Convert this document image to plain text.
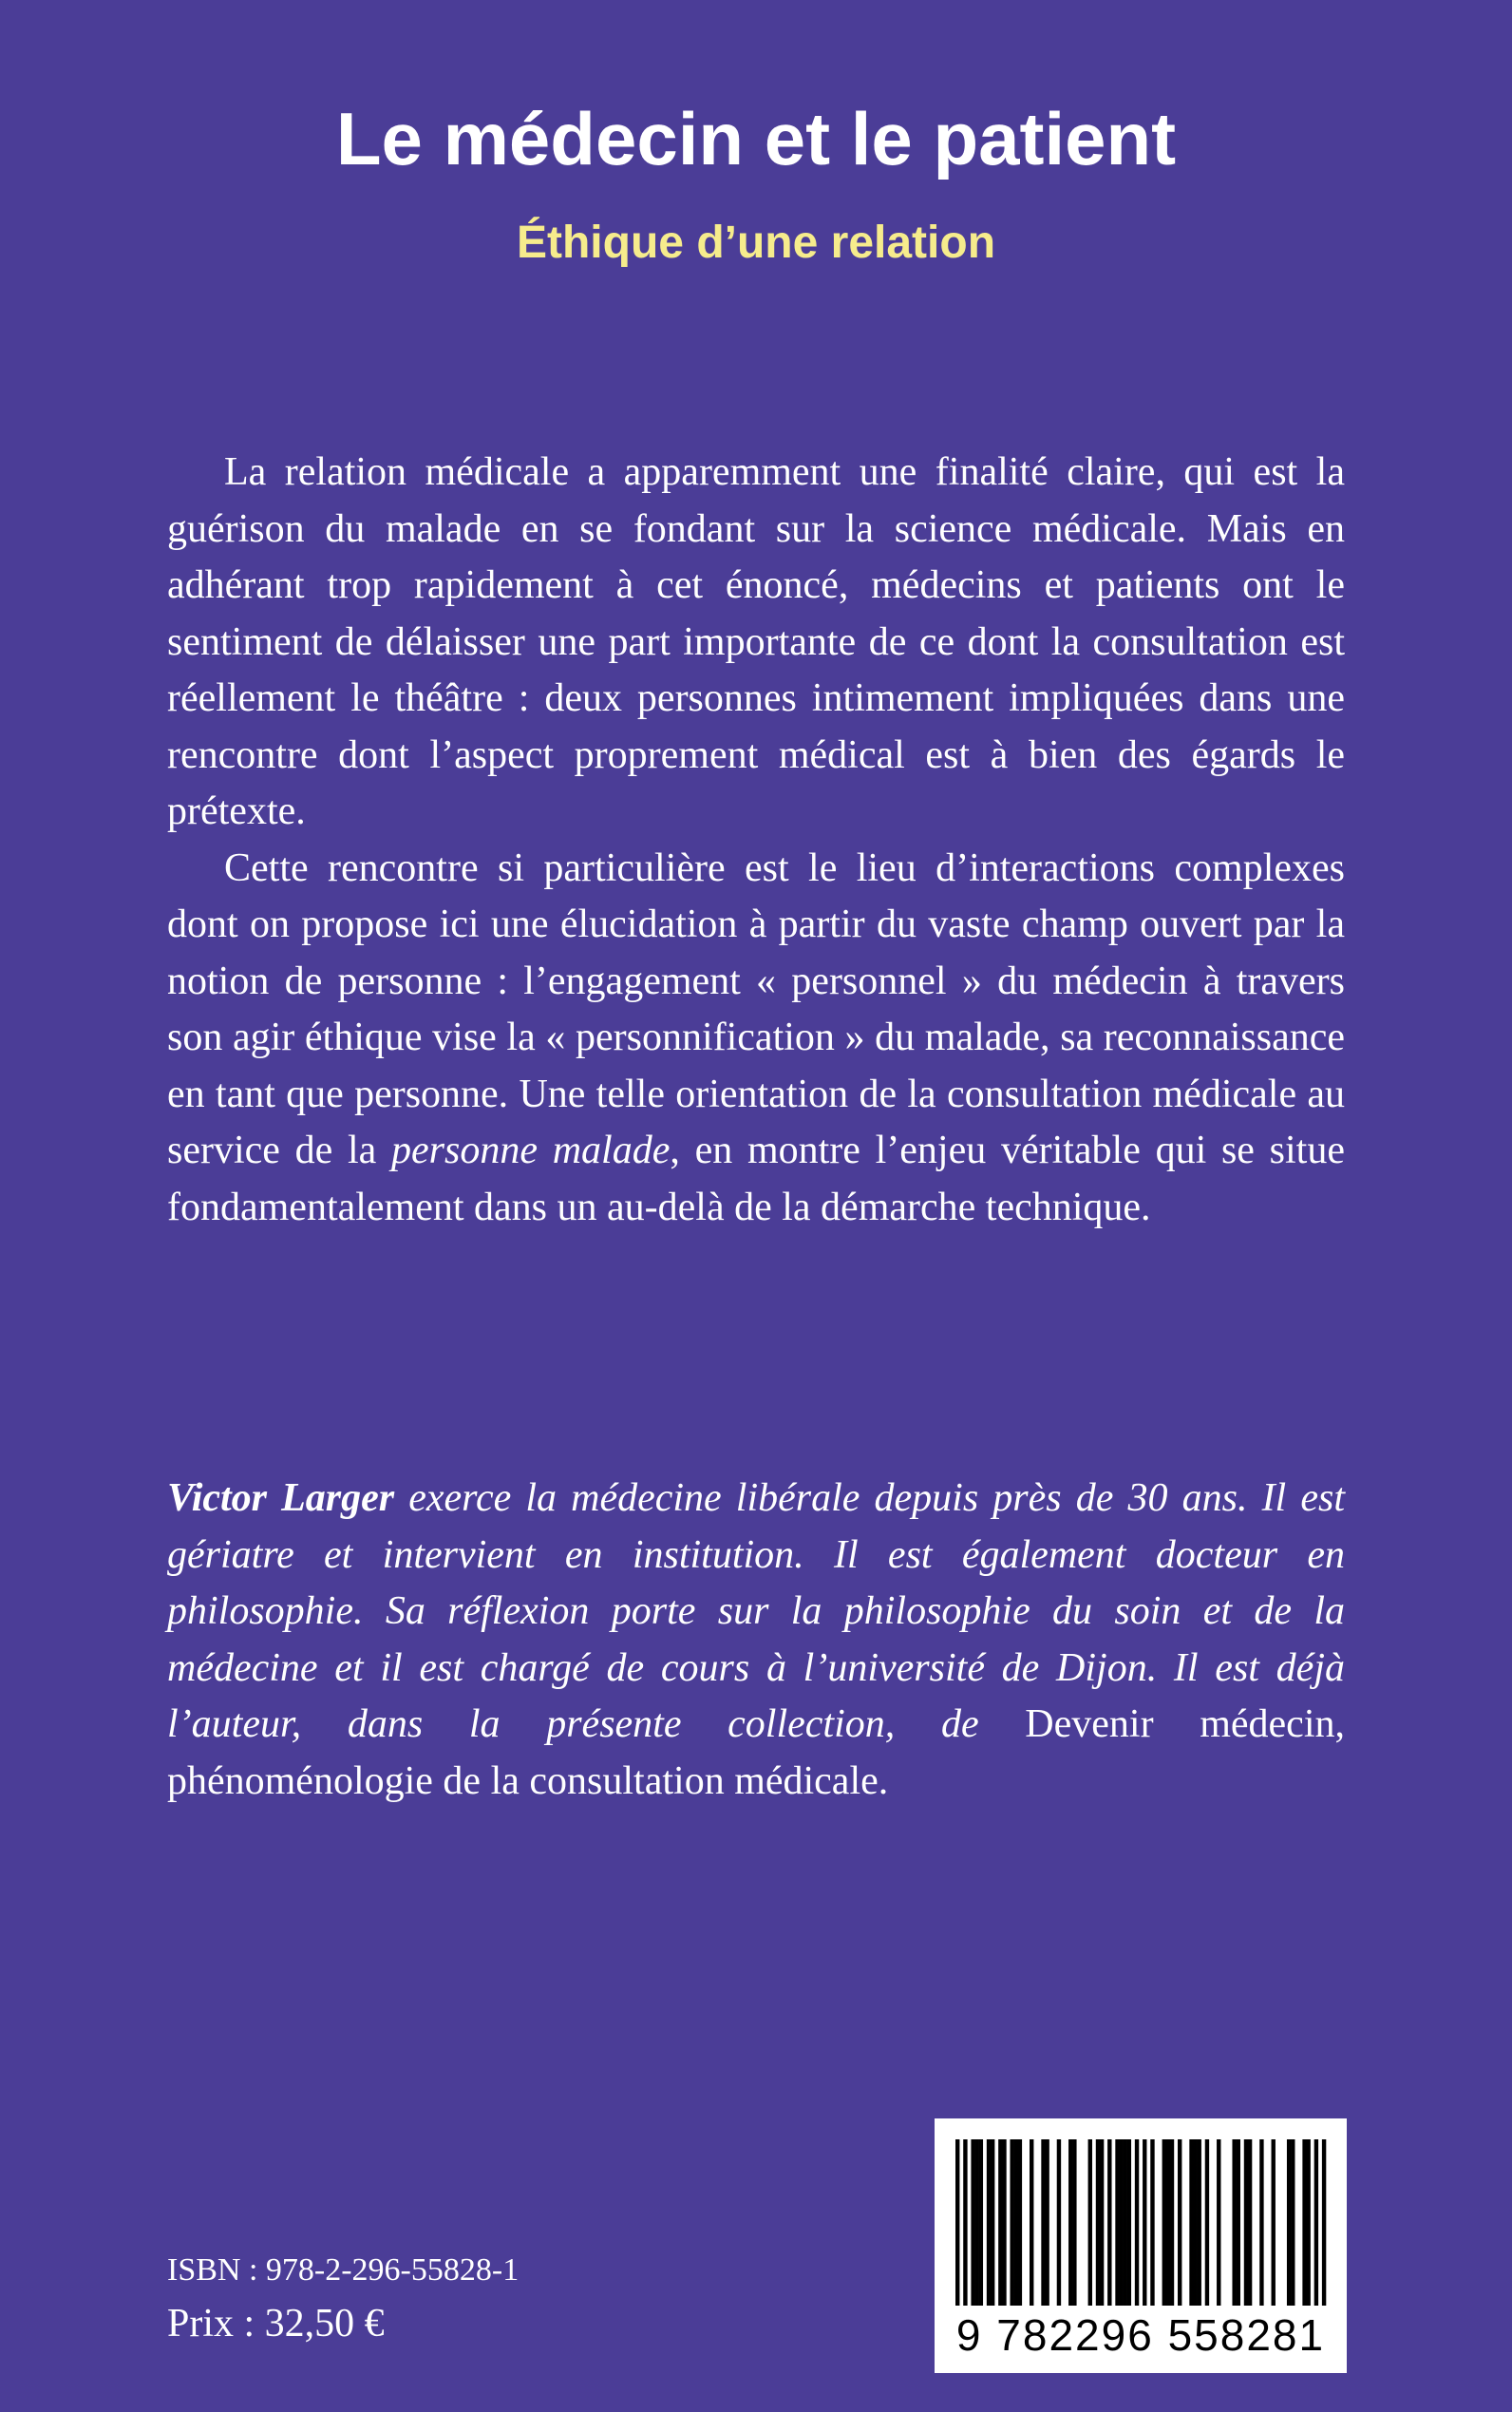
Le médecin et le patient
Éthique d’une relation

La relation médicale a apparemment une finalité claire, qui est la guérison du malade en se fondant sur la science médicale. Mais en adhérant trop rapidement à cet énoncé, médecins et patients ont le sentiment de délaisser une part importante de ce dont la consultation est réellement le théâtre : deux personnes intimement impliquées dans une rencontre dont l’aspect proprement médical est à bien des égards le prétexte.

Cette rencontre si particulière est le lieu d’interactions complexes dont on propose ici une élucidation à partir du vaste champ ouvert par la notion de personne : l’engagement « personnel » du médecin à travers son agir éthique vise la « personnification » du malade, sa reconnaissance en tant que personne. Une telle orientation de la consultation médicale au service de la personne malade, en montre l’enjeu véritable qui se situe fondamentalement dans un au-delà de la démarche technique.

Victor Larger exerce la médecine libérale depuis près de 30 ans. Il est gériatre et intervient en institution. Il est également docteur en philosophie. Sa réflexion porte sur la philosophie du soin et de la médecine et il est chargé de cours à l’université de Dijon. Il est déjà l’auteur, dans la présente collection, de Devenir médecin, phénoménologie de la consultation médicale.

ISBN : 978-2-296-55828-1

Prix : 32,50 €	9 782296 558281
